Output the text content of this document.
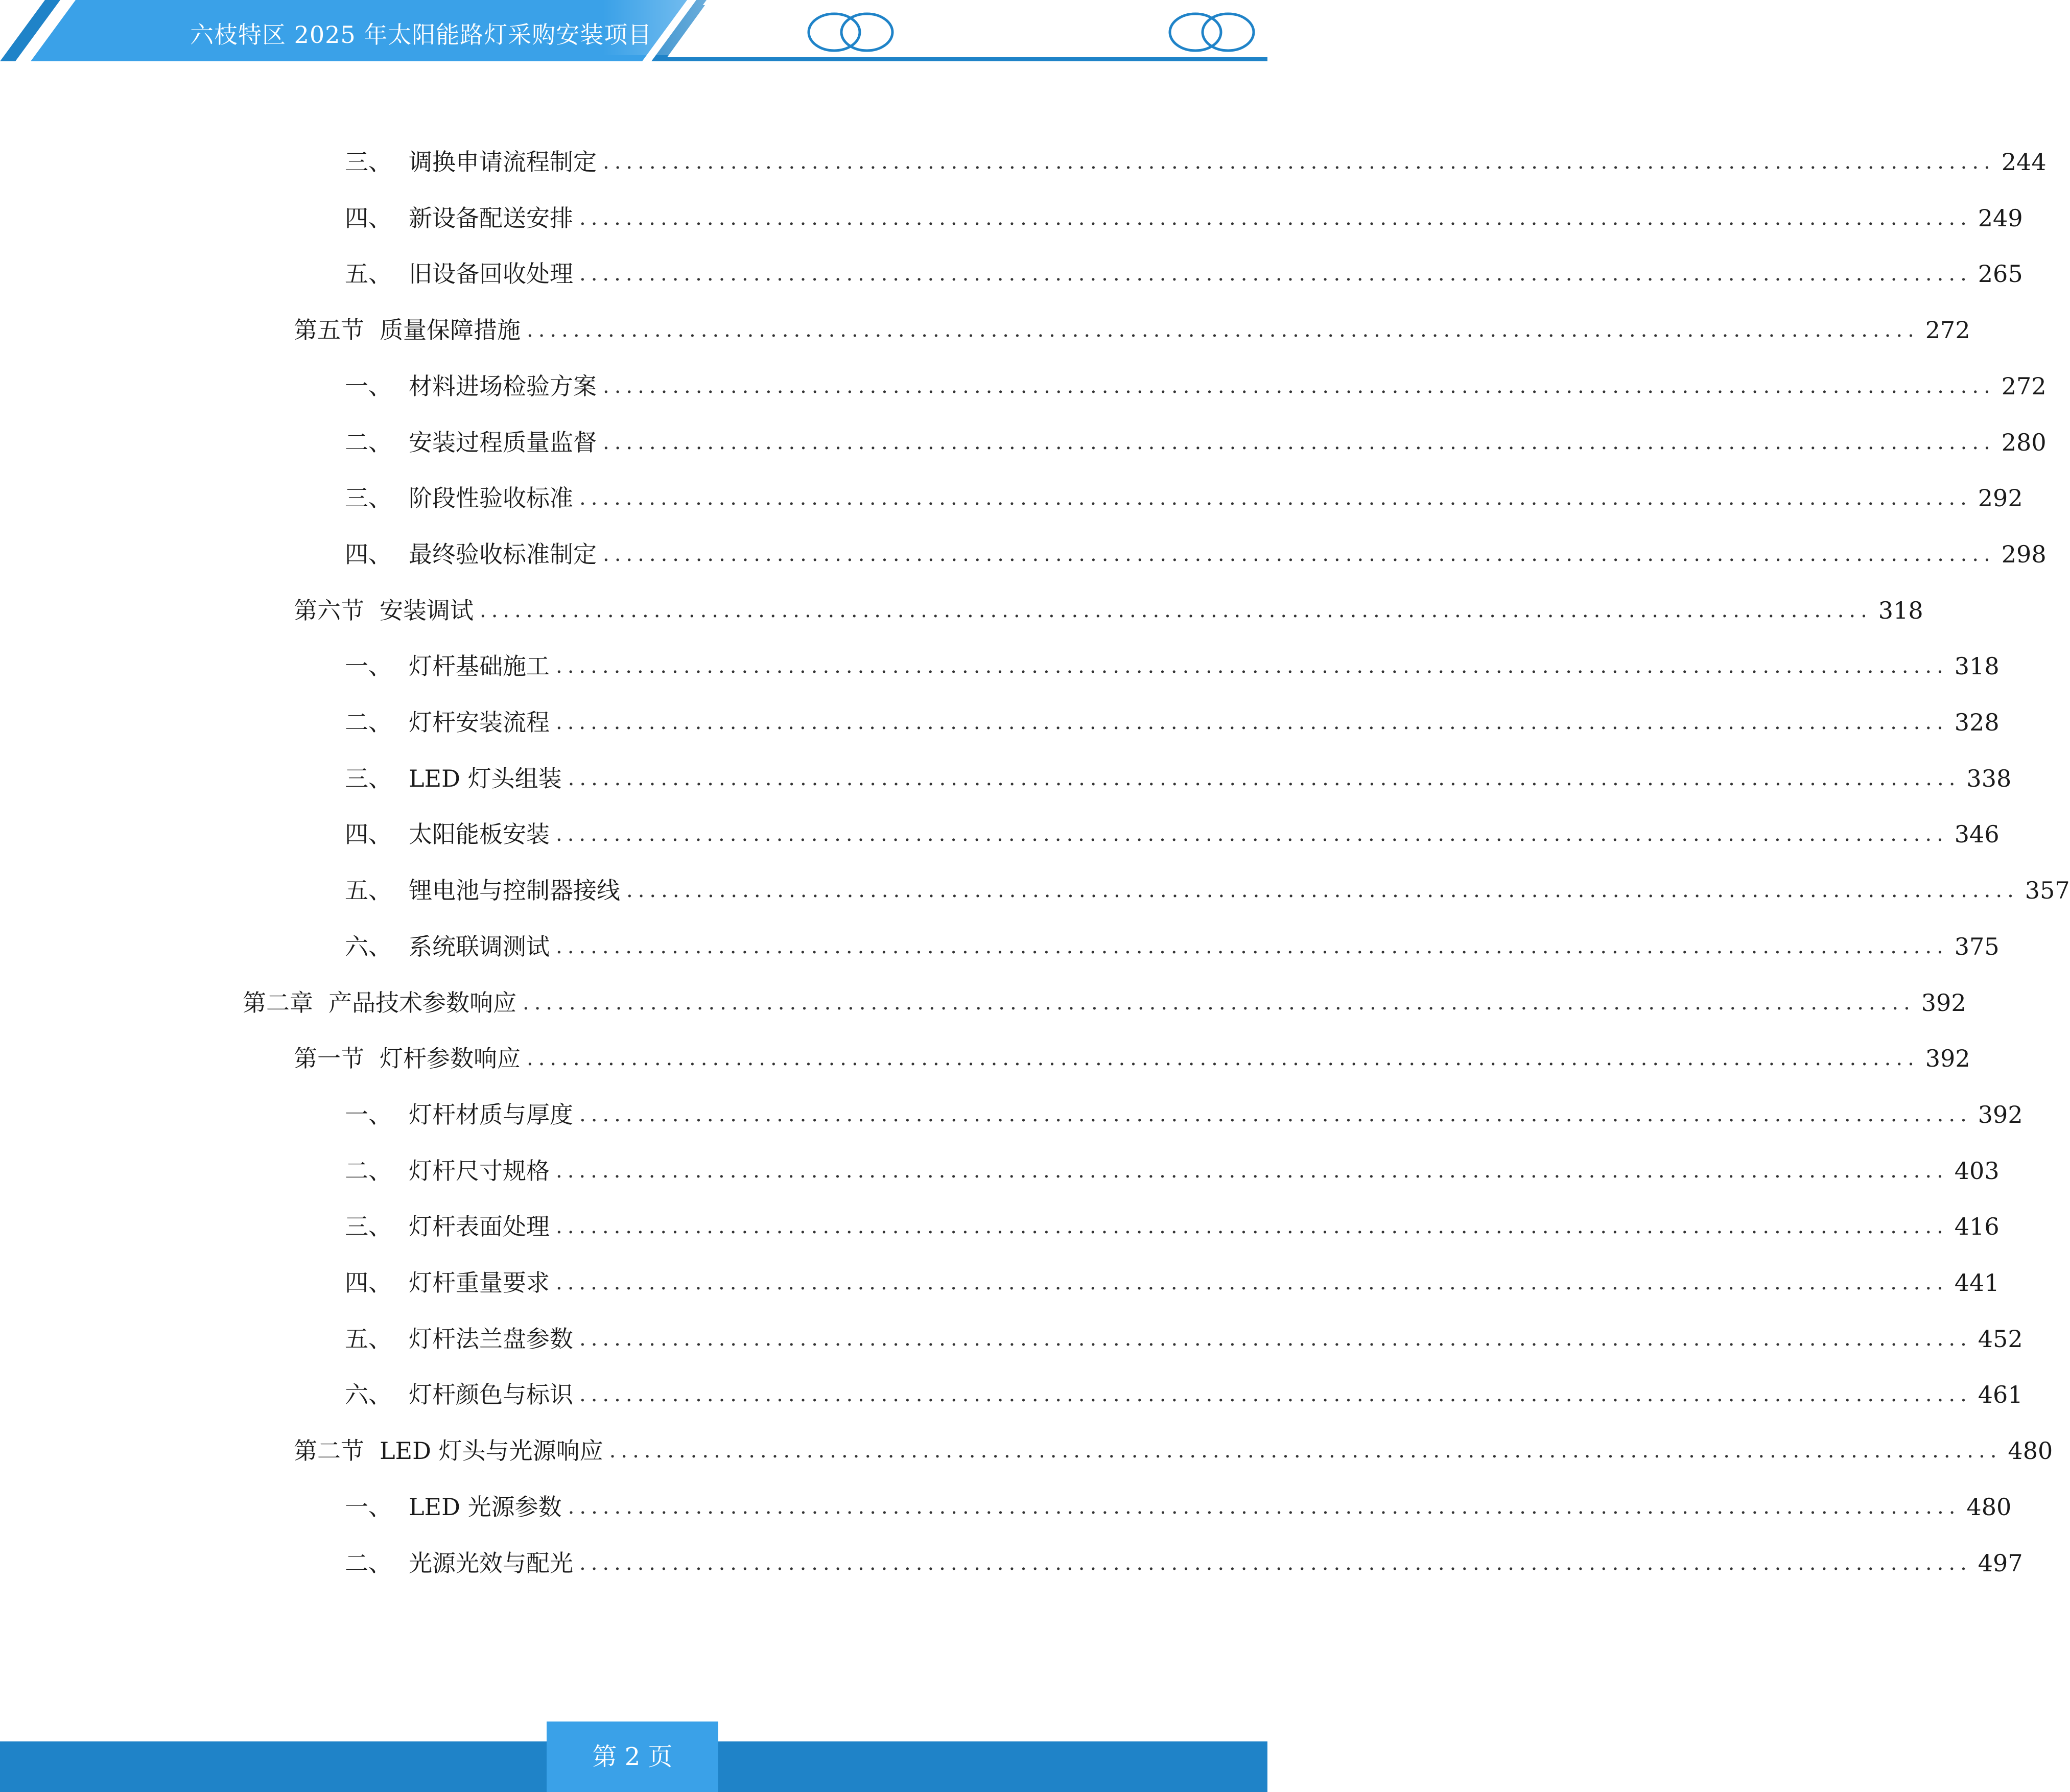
六枝特区 2025 年太阳能路灯采购安装项目
三、 调换申请流程制定 ........................................................................................................................ 244
四、 新设备配送安排 ........................................................................................................................ 249
五、 旧设备回收处理 ........................................................................................................................ 265
第五节 质量保障措施 ........................................................................................................................ 272
一、 材料进场检验方案 ........................................................................................................................ 272
二、 安装过程质量监督 ........................................................................................................................ 280
三、 阶段性验收标准 ........................................................................................................................ 292
四、 最终验收标准制定 ........................................................................................................................ 298
第六节 安装调试 ........................................................................................................................ 318
一、 灯杆基础施工 ........................................................................................................................ 318
二、 灯杆安装流程 ........................................................................................................................ 328
三、 LED 灯头组装 ........................................................................................................................ 338
四、 太阳能板安装 ........................................................................................................................ 346
五、 锂电池与控制器接线 ........................................................................................................................ 357
六、 系统联调测试 ........................................................................................................................ 375
第二章 产品技术参数响应 ........................................................................................................................ 392
第一节 灯杆参数响应 ........................................................................................................................ 392
一、 灯杆材质与厚度 ........................................................................................................................ 392
二、 灯杆尺寸规格 ........................................................................................................................ 403
三、 灯杆表面处理 ........................................................................................................................ 416
四、 灯杆重量要求 ........................................................................................................................ 441
五、 灯杆法兰盘参数 ........................................................................................................................ 452
六、 灯杆颜色与标识 ........................................................................................................................ 461
第二节 LED 灯头与光源响应 ........................................................................................................................ 480
一、 LED 光源参数 ........................................................................................................................ 480
二、 光源光效与配光 ........................................................................................................................ 497
第 2 页
